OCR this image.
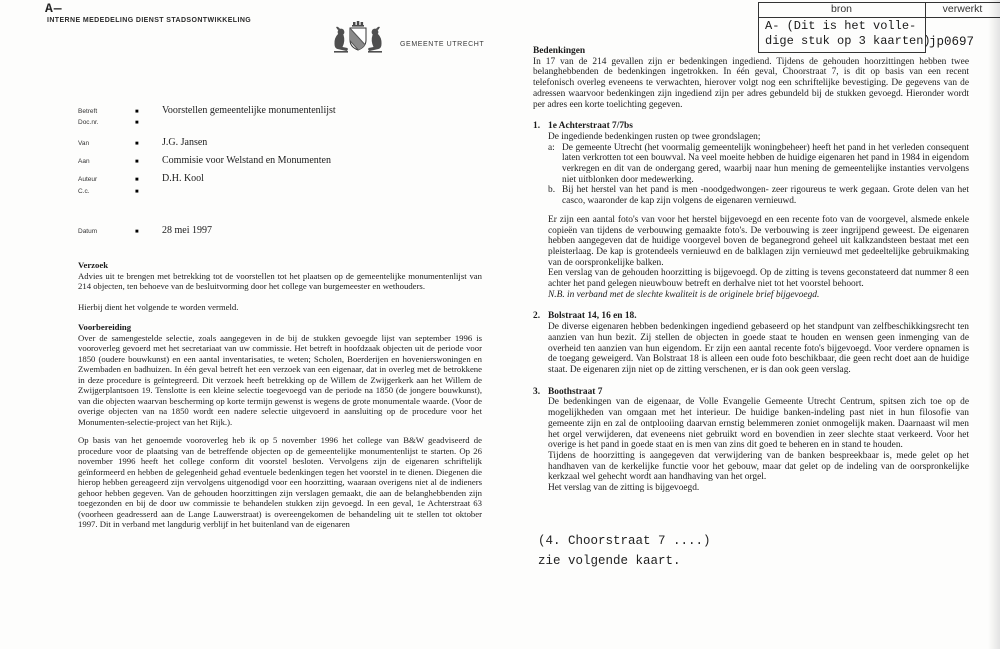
A—
INTERNE MEDEDELING DIENST STADSONTWIKKELING
GEMEENTE UTRECHT
bron	verwerkt
A- (Dit is het volle-
dige stuk op 3 kaarten)
jp0697
Betreft	■	Voorstellen gemeentelijke monumentenlijst
Doc.nr.	■
Van	■	J.G. Jansen
Aan	■	Commisie voor Welstand en Monumenten
Auteur	■	D.H. Kool
C.c.	■
Datum	■	28 mei 1997

Verzoek

Advies uit te brengen met betrekking tot de voorstellen tot het plaatsen op de gemeentelijke monumentenlijst van 214 objecten, ten behoeve van de besluitvorming door het college van burgemeester en wethouders.

Hierbij dient het volgende te worden vermeld.

Voorbereiding

Over de samengestelde selectie, zoals aangegeven in de bij de stukken gevoegde lijst van september 1996 is vooroverleg gevoerd met het secretariaat van uw commissie. Het betreft in hoofdzaak objecten uit de periode voor 1850 (oudere bouwkunst) en een aantal inventarisaties, te weten; Scholen, Boerderijen en hovenierswoningen en Zwembaden en badhuizen. In één geval betreft het een verzoek van een eigenaar, dat in overleg met de betrokkene in deze procedure is geïntegreerd. Dit verzoek heeft betrekking op de Willem de Zwijgerkerk aan het Willem de Zwijgerplantsoen 19. Tenslotte is een kleine selectie toegevoegd van de periode na 1850 (de jongere bouwkunst), van die objecten waarvan bescherming op korte termijn gewenst is wegens de grote monumentale waarde. (Voor de overige objecten van na 1850 wordt een nadere selectie uitgevoerd in aansluiting op de procedure voor het Monumenten-selectie-project van het Rijk.).

Op basis van het genoemde vooroverleg heb ik op 5 november 1996 het college van B&W geadviseerd de procedure voor de plaatsing van de betreffende objecten op de gemeentelijke monumentenlijst te starten. Op 26 november 1996 heeft het college conform dit voorstel besloten. Vervolgens zijn de eigenaren schriftelijk geïnformeerd en hebben de gelegenheid gehad eventuele bedenkingen tegen het voorstel in te dienen. Diegenen die hierop hebben gereageerd zijn vervolgens uitgenodigd voor een hoorzitting, waaraan overigens niet al de indieners gehoor hebben gegeven. Van de gehouden hoorzittingen zijn verslagen gemaakt, die aan de belanghebbenden zijn toegezonden en bij de door uw commissie te behandelen stukken zijn gevoegd. In een geval, 1e Achterstraat 63 (voorheen geadresserd aan de Lange Lauwerstraat) is overeengekomen de behandeling uit te stellen tot oktober 1997. Dit in verband met langdurig verblijf in het buitenland van de eigenaren

Bedenkingen

In 17 van de 214 gevallen zijn er bedenkingen ingediend. Tijdens de gehouden hoorzittingen hebben twee belanghebbenden de bedenkingen ingetrokken. In één geval, Choorstraat 7, is dit op basis van een recent telefonisch overleg eveneens te verwachten, hierover volgt nog een schriftelijke bevestiging. De gegevens van de adressen waarvoor bedenkingen zijn ingediend zijn per adres gebundeld bij de stukken gevoegd. Hieronder wordt per adres een korte toelichting gegeven.

1. 1e Achterstraat 7/7bs
De ingediende bedenkingen rusten op twee grondslagen;
a: De gemeente Utrecht (het voormalig gemeentelijk woningbeheer) heeft het pand in het verleden consequent laten verkrotten tot een bouwval. Na veel moeite hebben de huidige eigenaren het pand in 1984 in eigendom verkregen en dit van de ondergang gered, waarbij naar hun mening de gemeentelijke instanties vervolgens niet uitblonken door medewerking.
b. Bij het herstel van het pand is men -noodgedwongen- zeer rigoureus te werk gegaan. Grote delen van het casco, waaronder de kap zijn volgens de eigenaren vernieuwd.

Er zijn een aantal foto's van voor het herstel bijgevoegd en een recente foto van de voorgevel, alsmede enkele copieën van tijdens de verbouwing gemaakte foto's. De verbouwing is zeer ingrijpend geweest. De eigenaren hebben aangegeven dat de huidige voorgevel boven de beganegrond geheel uit kalkzandsteen bestaat met een pleisterlaag. De kap is grotendeels vernieuwd en de balklagen zijn vernieuwd met gedeeltelijke gebruikmaking van de oorspronkelijke balken.

Een verslag van de gehouden hoorzitting is bijgevoegd. Op de zitting is tevens geconstateerd dat nummer 8 een achter het pand gelegen nieuwbouw betreft en derhalve niet tot het voorstel behoort.

N.B. in verband met de slechte kwaliteit is de originele brief bijgevoegd.
2. Bolstraat 14, 16 en 18.

De diverse eigenaren hebben bedenkingen ingediend gebaseerd op het standpunt van zelfbeschikkingsrecht ten aanzien van hun bezit. Zij stellen de objecten in goede staat te houden en wensen geen inmenging van de overheid ten aanzien van hun eigendom. Er zijn een aantal recente foto's bijgevoegd. Voor verdere opnamen is de toegang geweigerd. Van Bolstraat 18 is alleen een oude foto beschikbaar, die geen recht doet aan de huidige staat. De eigenaren zijn niet op de zitting verschenen, er is dan ook geen verslag.

3. Boothstraat 7

De bedenkingen van de eigenaar, de Volle Evangelie Gemeente Utrecht Centrum, spitsen zich toe op de mogelijkheden van omgaan met het interieur. De huidige banken-indeling past niet in hun filosofie van gemeente zijn en zal de ontplooiing daarvan ernstig belemmeren zoniet onmogelijk maken. Daarnaast wil men het orgel verwijderen, dat eveneens niet gebruikt word en bovendien in zeer slechte staat verkeerd. Voor het overige is het pand in goede staat en is men van zins dit goed te beheren en in stand te houden.

Tijdens de hoorzitting is aangegeven dat verwijdering van de banken bespreekbaar is, mede gelet op het handhaven van de kerkelijke functie voor het gebouw, maar dat gelet op de indeling van de oorspronkelijke kerkzaal wel gehecht wordt aan handhaving van het orgel.

Het verslag van de zitting is bijgevoegd.

(4. Choorstraat 7 ....)
zie volgende kaart.
